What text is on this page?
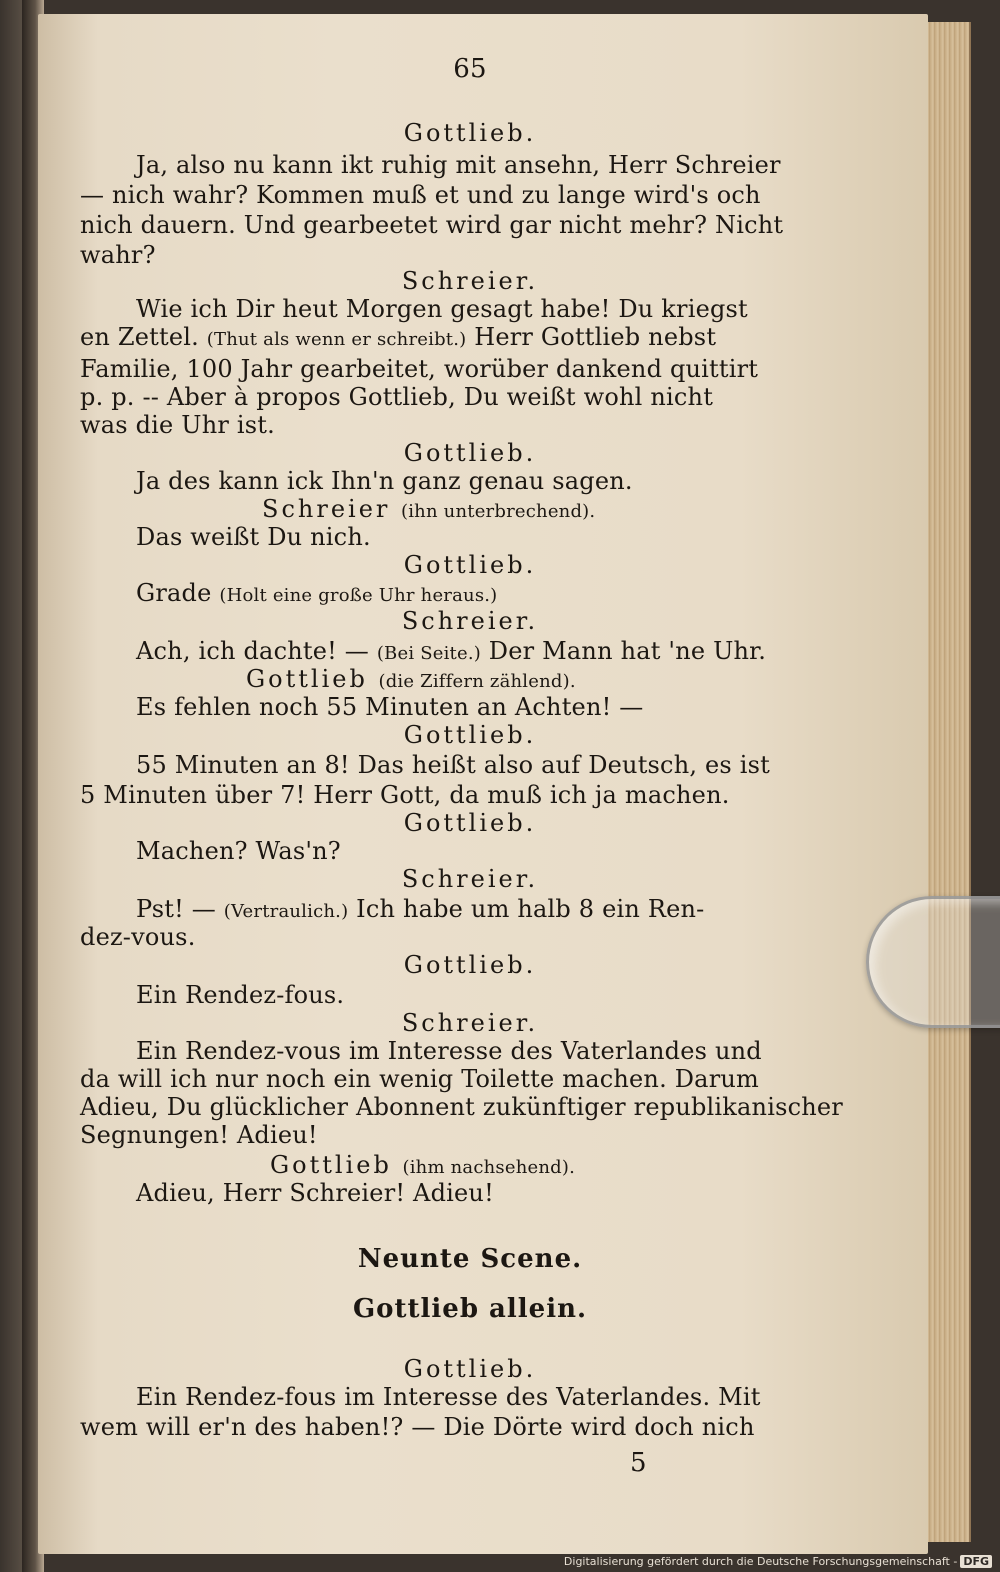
65
Gottlieb.
Ja, also nu kann ikt ruhig mit ansehn, Herr Schreier
— nich wahr? Kommen muß et und zu lange wird's och
nich dauern. Und gearbeetet wird gar nicht mehr? Nicht
wahr?
Schreier.
Wie ich Dir heut Morgen gesagt habe! Du kriegst
en Zettel. (Thut als wenn er schreibt.) Herr Gottlieb nebst
Familie, 100 Jahr gearbeitet, worüber dankend quittirt
p. p. -- Aber à propos Gottlieb, Du weißt wohl nicht
was die Uhr ist.
Gottlieb.
Ja des kann ick Ihn'n ganz genau sagen.
Schreier (ihn unterbrechend).
Das weißt Du nich.
Gottlieb.
Grade (Holt eine große Uhr heraus.)
Schreier.
Ach, ich dachte! — (Bei Seite.) Der Mann hat 'ne Uhr.
Gottlieb (die Ziffern zählend).
Es fehlen noch 55 Minuten an Achten! —
Gottlieb.
55 Minuten an 8! Das heißt also auf Deutsch, es ist
5 Minuten über 7! Herr Gott, da muß ich ja machen.
Gottlieb.
Machen? Was'n?
Schreier.
Pst! — (Vertraulich.) Ich habe um halb 8 ein Ren-
dez-vous.
Gottlieb.
Ein Rendez-fous.
Schreier.
Ein Rendez-vous im Interesse des Vaterlandes und
da will ich nur noch ein wenig Toilette machen. Darum
Adieu, Du glücklicher Abonnent zukünftiger republikanischer
Segnungen! Adieu!
Gottlieb (ihm nachsehend).
Adieu, Herr Schreier! Adieu!
Neunte Scene.
Gottlieb allein.
Gottlieb.
Ein Rendez-fous im Interesse des Vaterlandes. Mit
wem will er'n des haben!? — Die Dörte wird doch nich
5
Digitalisierung gefördert durch die Deutsche Forschungsgemeinschaft - DFG
